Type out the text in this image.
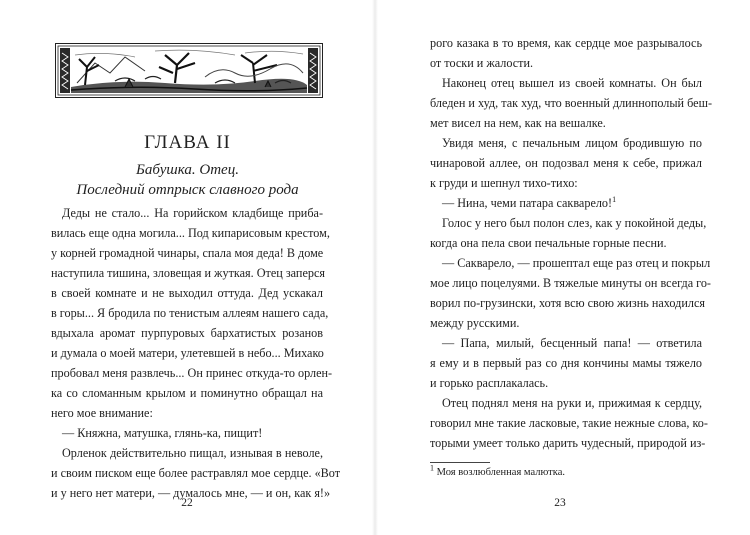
ГЛАВА II
Бабушка. Отец.
Последний отпрыск славного рода
Деды не стало... На горийском кладбище приба-
вилась еще одна могила... Под кипарисовым крестом,
у корней громадной чинары, спала моя деда! В доме
наступила тишина, зловещая и жуткая. Отец заперся
в своей комнате и не выходил оттуда. Дед ускакал
в горы... Я бродила по тенистым аллеям нашего сада,
вдыхала аромат пурпуровых бархатистых розанов
и думала о моей матери, улетевшей в небо... Михако
пробовал меня развлечь... Он принес откуда-то орлен-
ка со сломанным крылом и поминутно обращал на
него мое внимание:
— Княжна, матушка, глянь-ка, пищит!
Орленок действительно пищал, изнывая в неволе,
и своим писком еще более растравлял мое сердце. «Вот
и у него нет матери, — думалось мне, — и он, как я!»
22
рого казака в то время, как сердце мое разрывалось
от тоски и жалости.
Наконец отец вышел из своей комнаты. Он был
бледен и худ, так худ, что военный длиннополый беш-
мет висел на нем, как на вешалке.
Увидя меня, с печальным лицом бродившую по
чинаровой аллее, он подозвал меня к себе, прижал
к груди и шепнул тихо-тихо:
— Нина, чеми патара сакварело!$^1$
Голос у него был полон слез, как у покойной деды,
когда она пела свои печальные горные песни.
— Сакварело, — прошептал еще раз отец и покрыл
мое лицо поцелуями. В тяжелые минуты он всегда го-
ворил по-грузински, хотя всю свою жизнь находился
между русскими.
— Папа, милый, бесценный папа! — ответила
я ему и в первый раз со дня кончины мамы тяжело
и горько расплакалась.
Отец поднял меня на руки и, прижимая к сердцу,
говорил мне такие ласковые, такие нежные слова, ко-
торыми умеет только дарить чудесный, природой из-
$^1$ Моя возлюбленная малютка.
23
